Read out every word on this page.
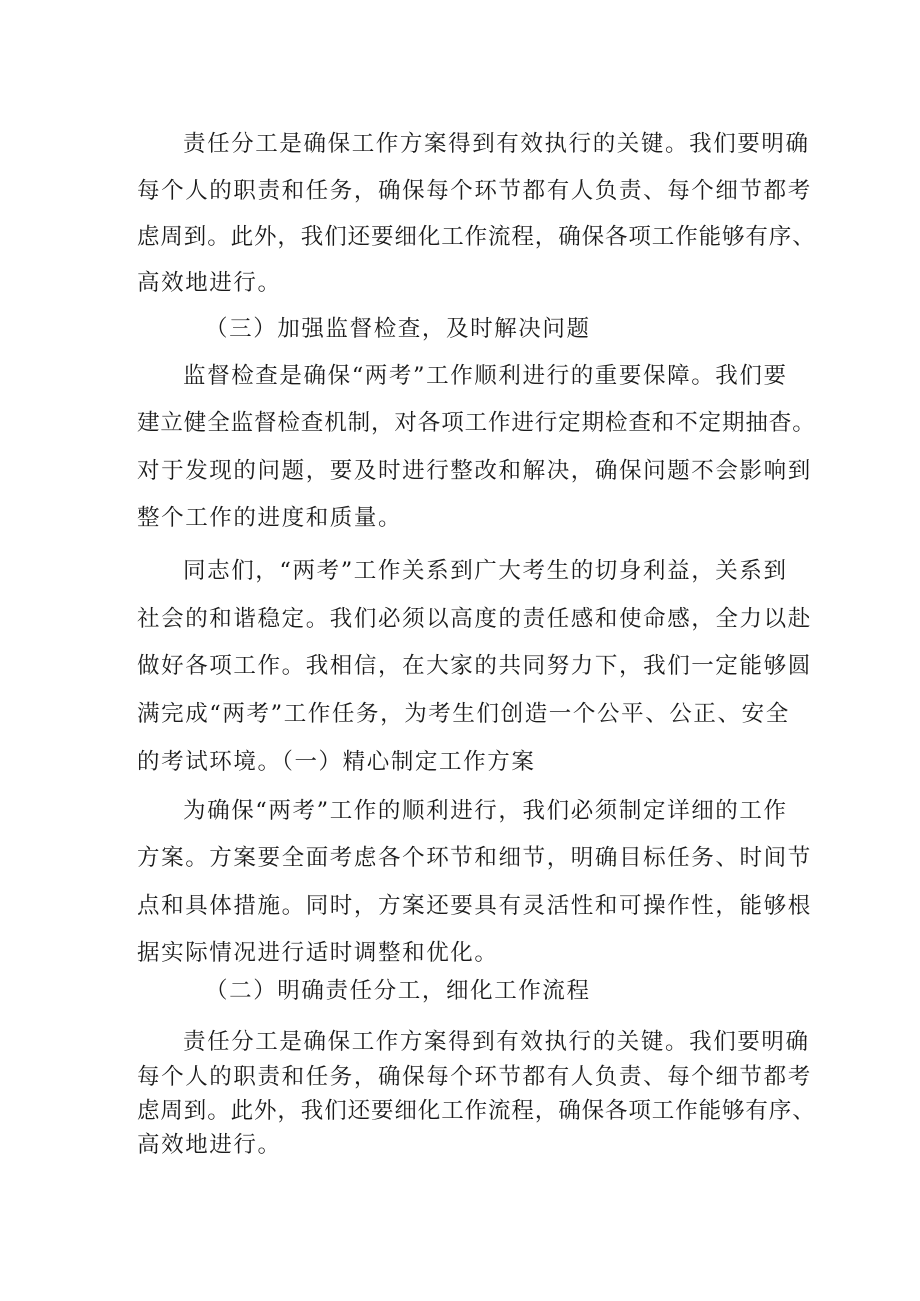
责任分工是确保工作方案得到有效执行的关键。我们要明确
每个人的职责和任务，确保每个环节都有人负责、每个细节都考
虑周到。此外，我们还要细化工作流程，确保各项工作能够有序、
高效地进行。
（三）加强监督检查，及时解决问题
监督检查是确保“两考”工作顺利进行的重要保障。我们要
建立健全监督检查机制，对各项工作进行定期检查和不定期抽杳。
对于发现的问题，要及时进行整改和解决，确保问题不会影响到
整个工作的进度和质量。
同志们，“两考”工作关系到广大考生的切身利益，关系到
社会的和谐稳定。我们必须以高度的责任感和使命感，全力以赴
做好各项工作。我相信，在大家的共同努力下，我们一定能够圆
满完成“两考”工作任务，为考生们创造一个公平、公正、安全
的考试环境。（一）精心制定工作方案
为确保“两考”工作的顺利进行，我们必须制定详细的工作
方案。方案要全面考虑各个环节和细节，明确目标任务、时间节
点和具体措施。同时，方案还要具有灵活性和可操作性，能够根
据实际情况进行适时调整和优化。
（二）明确责任分工，细化工作流程
责任分工是确保工作方案得到有效执行的关键。我们要明确
每个人的职责和任务，确保每个环节都有人负责、每个细节都考
虑周到。此外，我们还要细化工作流程，确保各项工作能够有序、
高效地进行。
